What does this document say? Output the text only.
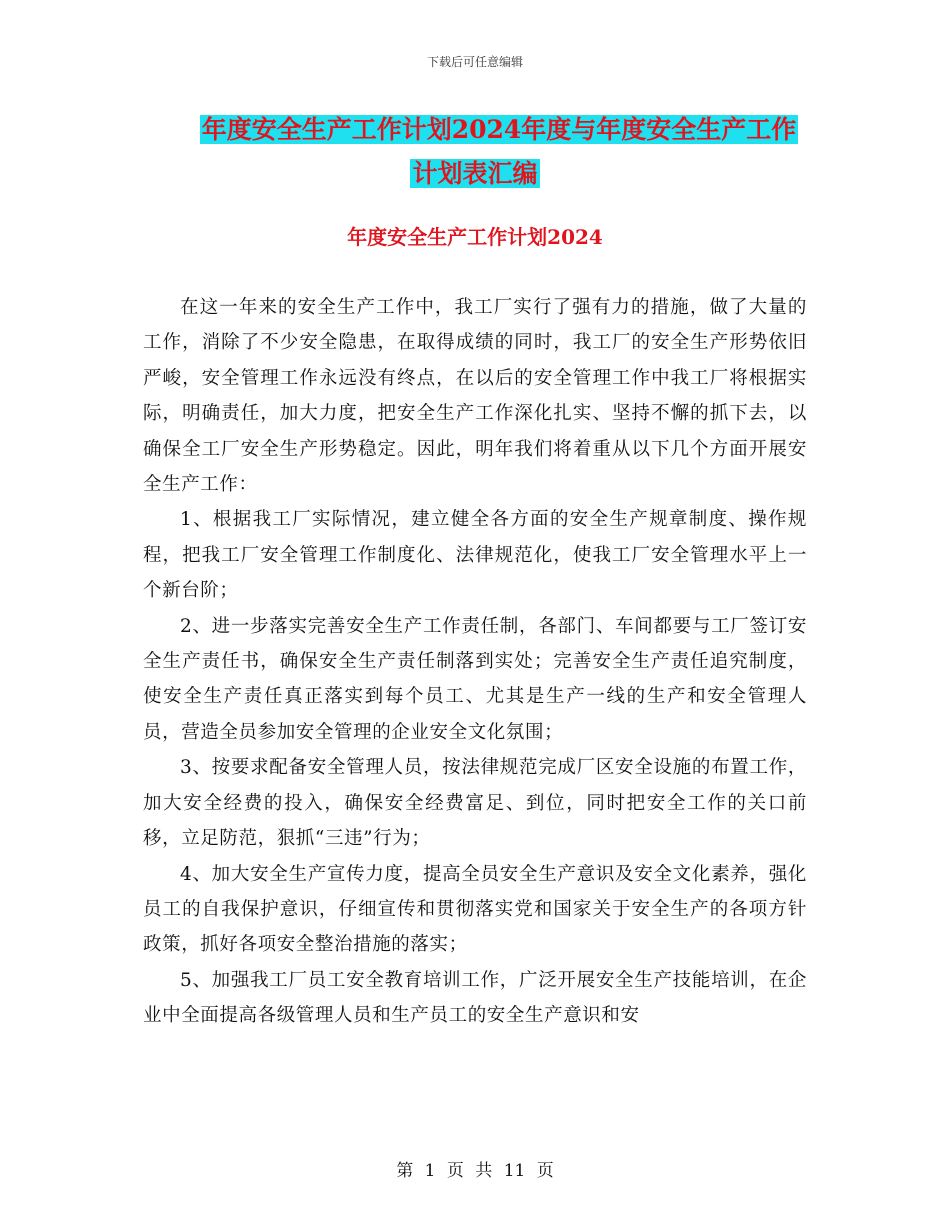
下载后可任意编辑
年度安全生产工作计划2024年度与年度安全生产工作
计划表汇编
年度安全生产工作计划2024

在这一年来的安全生产工作中，我工厂实行了强有力的措施，做了大量的工作，消除了不少安全隐患，在取得成绩的同时，我工厂的安全生产形势依旧严峻，安全管理工作永远没有终点，在以后的安全管理工作中我工厂将根据实际，明确责任，加大力度，把安全生产工作深化扎实、坚持不懈的抓下去，以确保全工厂安全生产形势稳定。因此，明年我们将着重从以下几个方面开展安全生产工作：

1、根据我工厂实际情况，建立健全各方面的安全生产规章制度、操作规程，把我工厂安全管理工作制度化、法律规范化，使我工厂安全管理水平上一个新台阶；

2、进一步落实完善安全生产工作责任制，各部门、车间都要与工厂签订安全生产责任书，确保安全生产责任制落到实处；完善安全生产责任追究制度，使安全生产责任真正落实到每个员工、尤其是生产一线的生产和安全管理人员，营造全员参加安全管理的企业安全文化氛围；

3、按要求配备安全管理人员，按法律规范完成厂区安全设施的布置工作，加大安全经费的投入，确保安全经费富足、到位，同时把安全工作的关口前移，立足防范，狠抓“三违”行为；

4、加大安全生产宣传力度，提高全员安全生产意识及安全文化素养，强化员工的自我保护意识，仔细宣传和贯彻落实党和国家关于安全生产的各项方针政策，抓好各项安全整治措施的落实；

5、加强我工厂员工安全教育培训工作，广泛开展安全生产技能培训，在企业中全面提高各级管理人员和生产员工的安全生产意识和安

第 1 页 共 11 页
